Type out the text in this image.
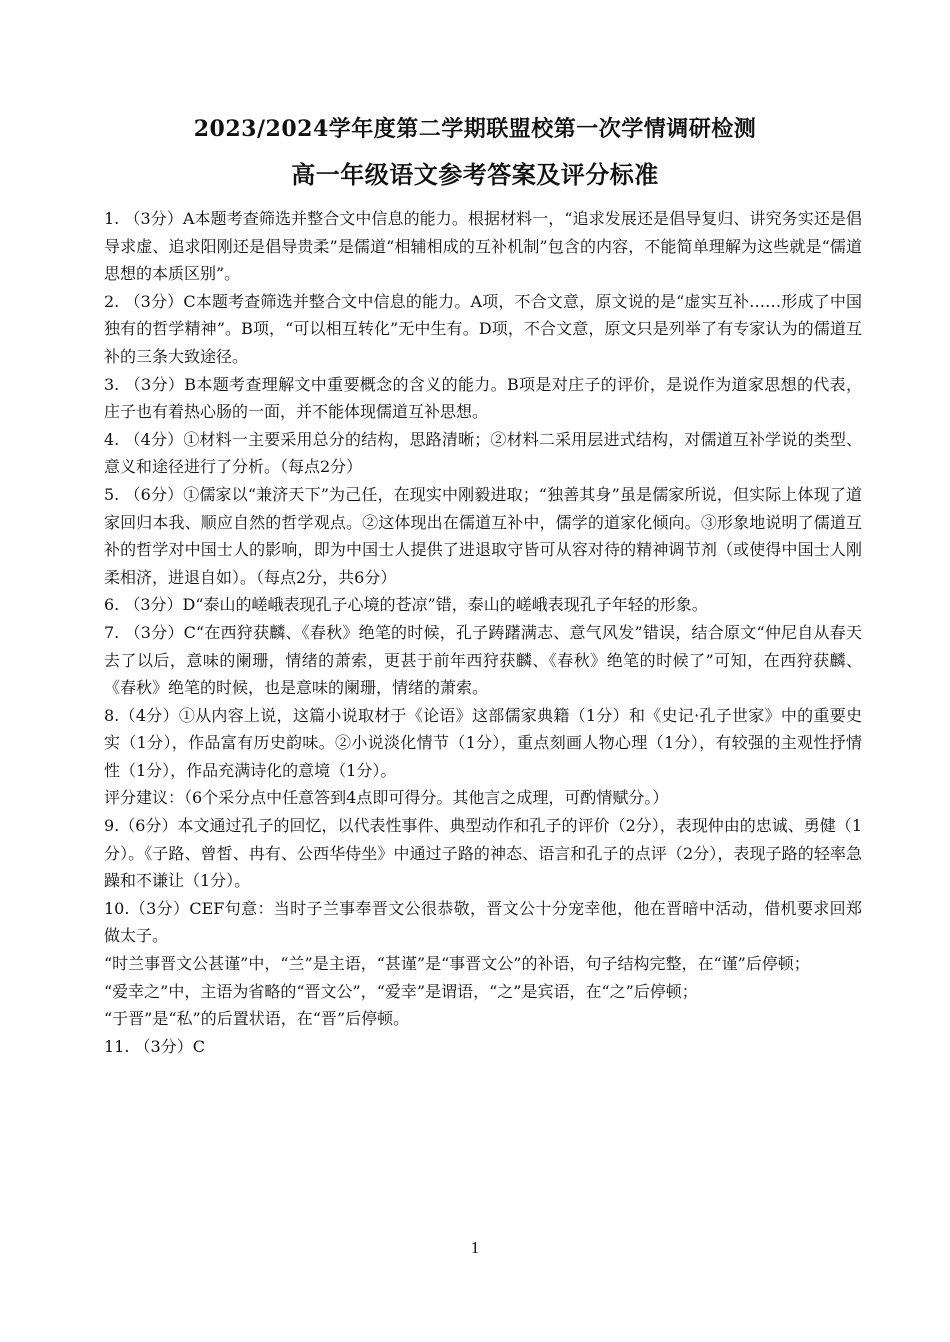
2023/2024学年度第二学期联盟校第一次学情调研检测
高一年级语文参考答案及评分标准

1. （3分）A本题考查筛选并整合文中信息的能力。根据材料一，“追求发展还是倡导复归、讲究务实还是倡导求虚、追求阳刚还是倡导贵柔”是儒道“相辅相成的互补机制”包含的内容，不能简单理解为这些就是“儒道思想的本质区别”。

2. （3分）C本题考查筛选并整合文中信息的能力。A项，不合文意，原文说的是“虚实互补……形成了中国独有的哲学精神”。B项，“可以相互转化”无中生有。D项，不合文意，原文只是列举了有专家认为的儒道互补的三条大致途径。

3. （3分）B本题考查理解文中重要概念的含义的能力。B项是对庄子的评价，是说作为道家思想的代表，庄子也有着热心肠的一面，并不能体现儒道互补思想。

4. （4分）①材料一主要采用总分的结构，思路清晰；②材料二采用层进式结构，对儒道互补学说的类型、意义和途径进行了分析。（每点2分）

5. （6分）①儒家以“兼济天下”为己任，在现实中刚毅进取；“独善其身”虽是儒家所说，但实际上体现了道家回归本我、顺应自然的哲学观点。②这体现出在儒道互补中，儒学的道家化倾向。③形象地说明了儒道互补的哲学对中国士人的影响，即为中国士人提供了进退取守皆可从容对待的精神调节剂（或使得中国士人刚柔相济，进退自如）。（每点2分，共6分）

6. （3分）D“泰山的嵯峨表现孔子心境的苍凉”错，泰山的嵯峨表现孔子年轻的形象。

7. （3分）C“在西狩获麟、《春秋》绝笔的时候，孔子踌躇满志、意气风发”错误，结合原文“仲尼自从春天去了以后，意味的阑珊，情绪的萧索，更甚于前年西狩获麟、《春秋》绝笔的时候了”可知，在西狩获麟、《春秋》绝笔的时候，也是意味的阑珊，情绪的萧索。

8.（4分）①从内容上说，这篇小说取材于《论语》这部儒家典籍（1分）和《史记·孔子世家》中的重要史实（1分），作品富有历史韵味。②小说淡化情节（1分），重点刻画人物心理（1分），有较强的主观性抒情性（1分），作品充满诗化的意境（1分）。

评分建议：（6个采分点中任意答到4点即可得分。其他言之成理，可酌情赋分。）

9.（6分）本文通过孔子的回忆，以代表性事件、典型动作和孔子的评价（2分），表现仲由的忠诚、勇健（1分）。《子路、曾皙、冉有、公西华侍坐》中通过子路的神态、语言和孔子的点评（2分），表现子路的轻率急躁和不谦让（1分）。

10.（3分）CEF句意：当时子兰事奉晋文公很恭敬，晋文公十分宠幸他，他在晋暗中活动，借机要求回郑做太子。

“时兰事晋文公甚谨”中，“兰”是主语，“甚谨”是“事晋文公”的补语，句子结构完整，在“谨”后停顿；

“爱幸之”中，主语为省略的“晋文公”，“爱幸”是谓语，“之”是宾语，在“之”后停顿；

“于晋”是“私”的后置状语，在“晋”后停顿。

11. （3分）C

1
